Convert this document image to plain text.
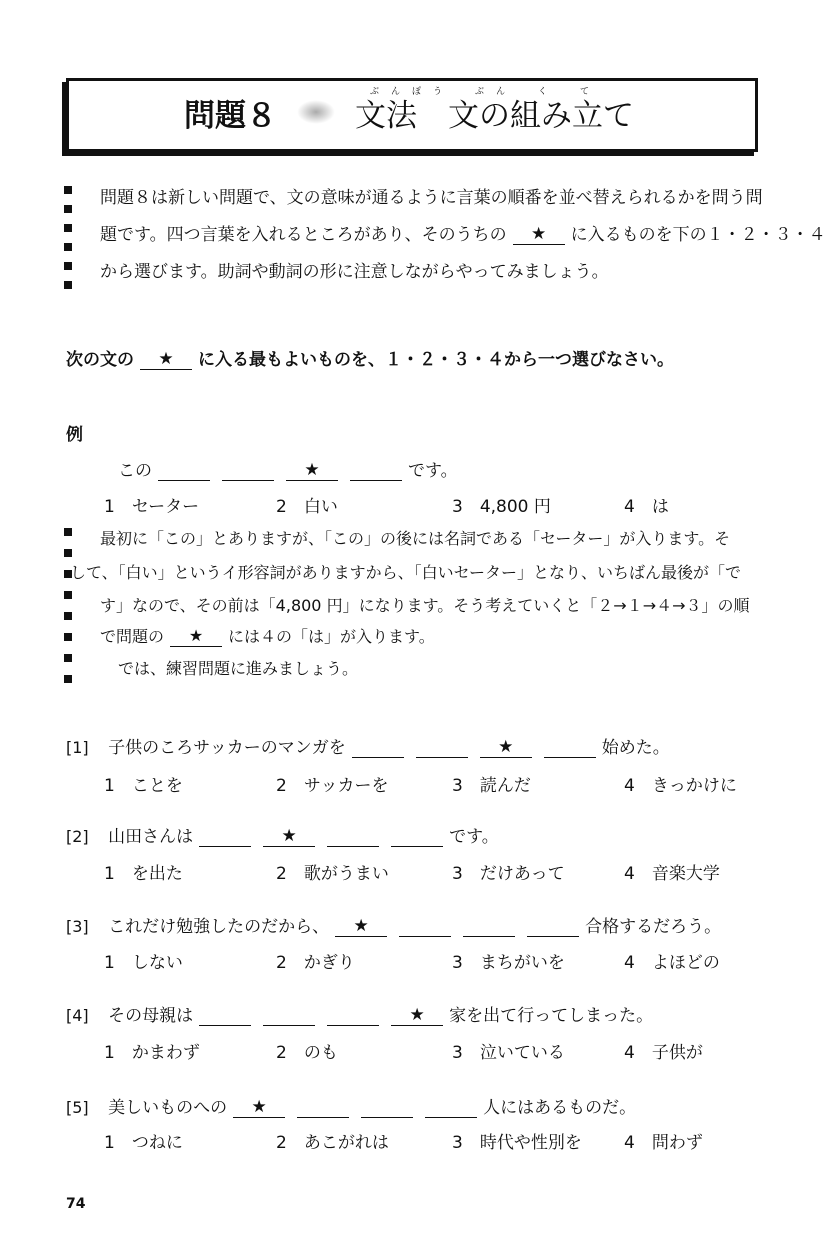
問題８	文法　文の組み立て
ぶんぽう　ぶん　く　て
問題８は新しい問題で、文の意味が通るように言葉の順番を並べ替えられるかを問う問
題です。四つ言葉を入れるところがあり、そのうちの ★ に入るものを下の１・２・３・４
から選びます。助詞や動詞の形に注意しながらやってみましょう。
次の文の ★ に入る最もよいものを、１・２・３・４から一つ選びなさい。
例
この	★	です。
1　セーター	2　白い	3　4,800 円	4　は
最初に「この」とありますが、「この」の後には名詞である「セーター」が入ります。そ
して、「白い」というイ形容詞がありますから、「白いセーター」となり、いちばん最後が「で
す」なので、その前は「4,800 円」になります。そう考えていくと「２→１→４→３」の順
で問題の ★ には４の「は」が入ります。
では、練習問題に進みましょう。
[1] 子供のころサッカーのマンガを	★	始めた。
1　ことを	2　サッカーを	3　読んだ	4　きっかけに
[2] 山田さんは	★	です。
1　を出た	2　歌がうまい	3　だけあって	4　音楽大学
[3] これだけ勉強したのだから、 ★	合格するだろう。
1　しない	2　かぎり	3　まちがいを	4　よほどの
[4] その母親は	★ 家を出て行ってしまった。
1　かまわず	2　のも	3　泣いている	4　子供が
[5] 美しいものへの ★	人にはあるものだ。
1　つねに	2　あこがれは	3　時代や性別を 4　問わず
74
